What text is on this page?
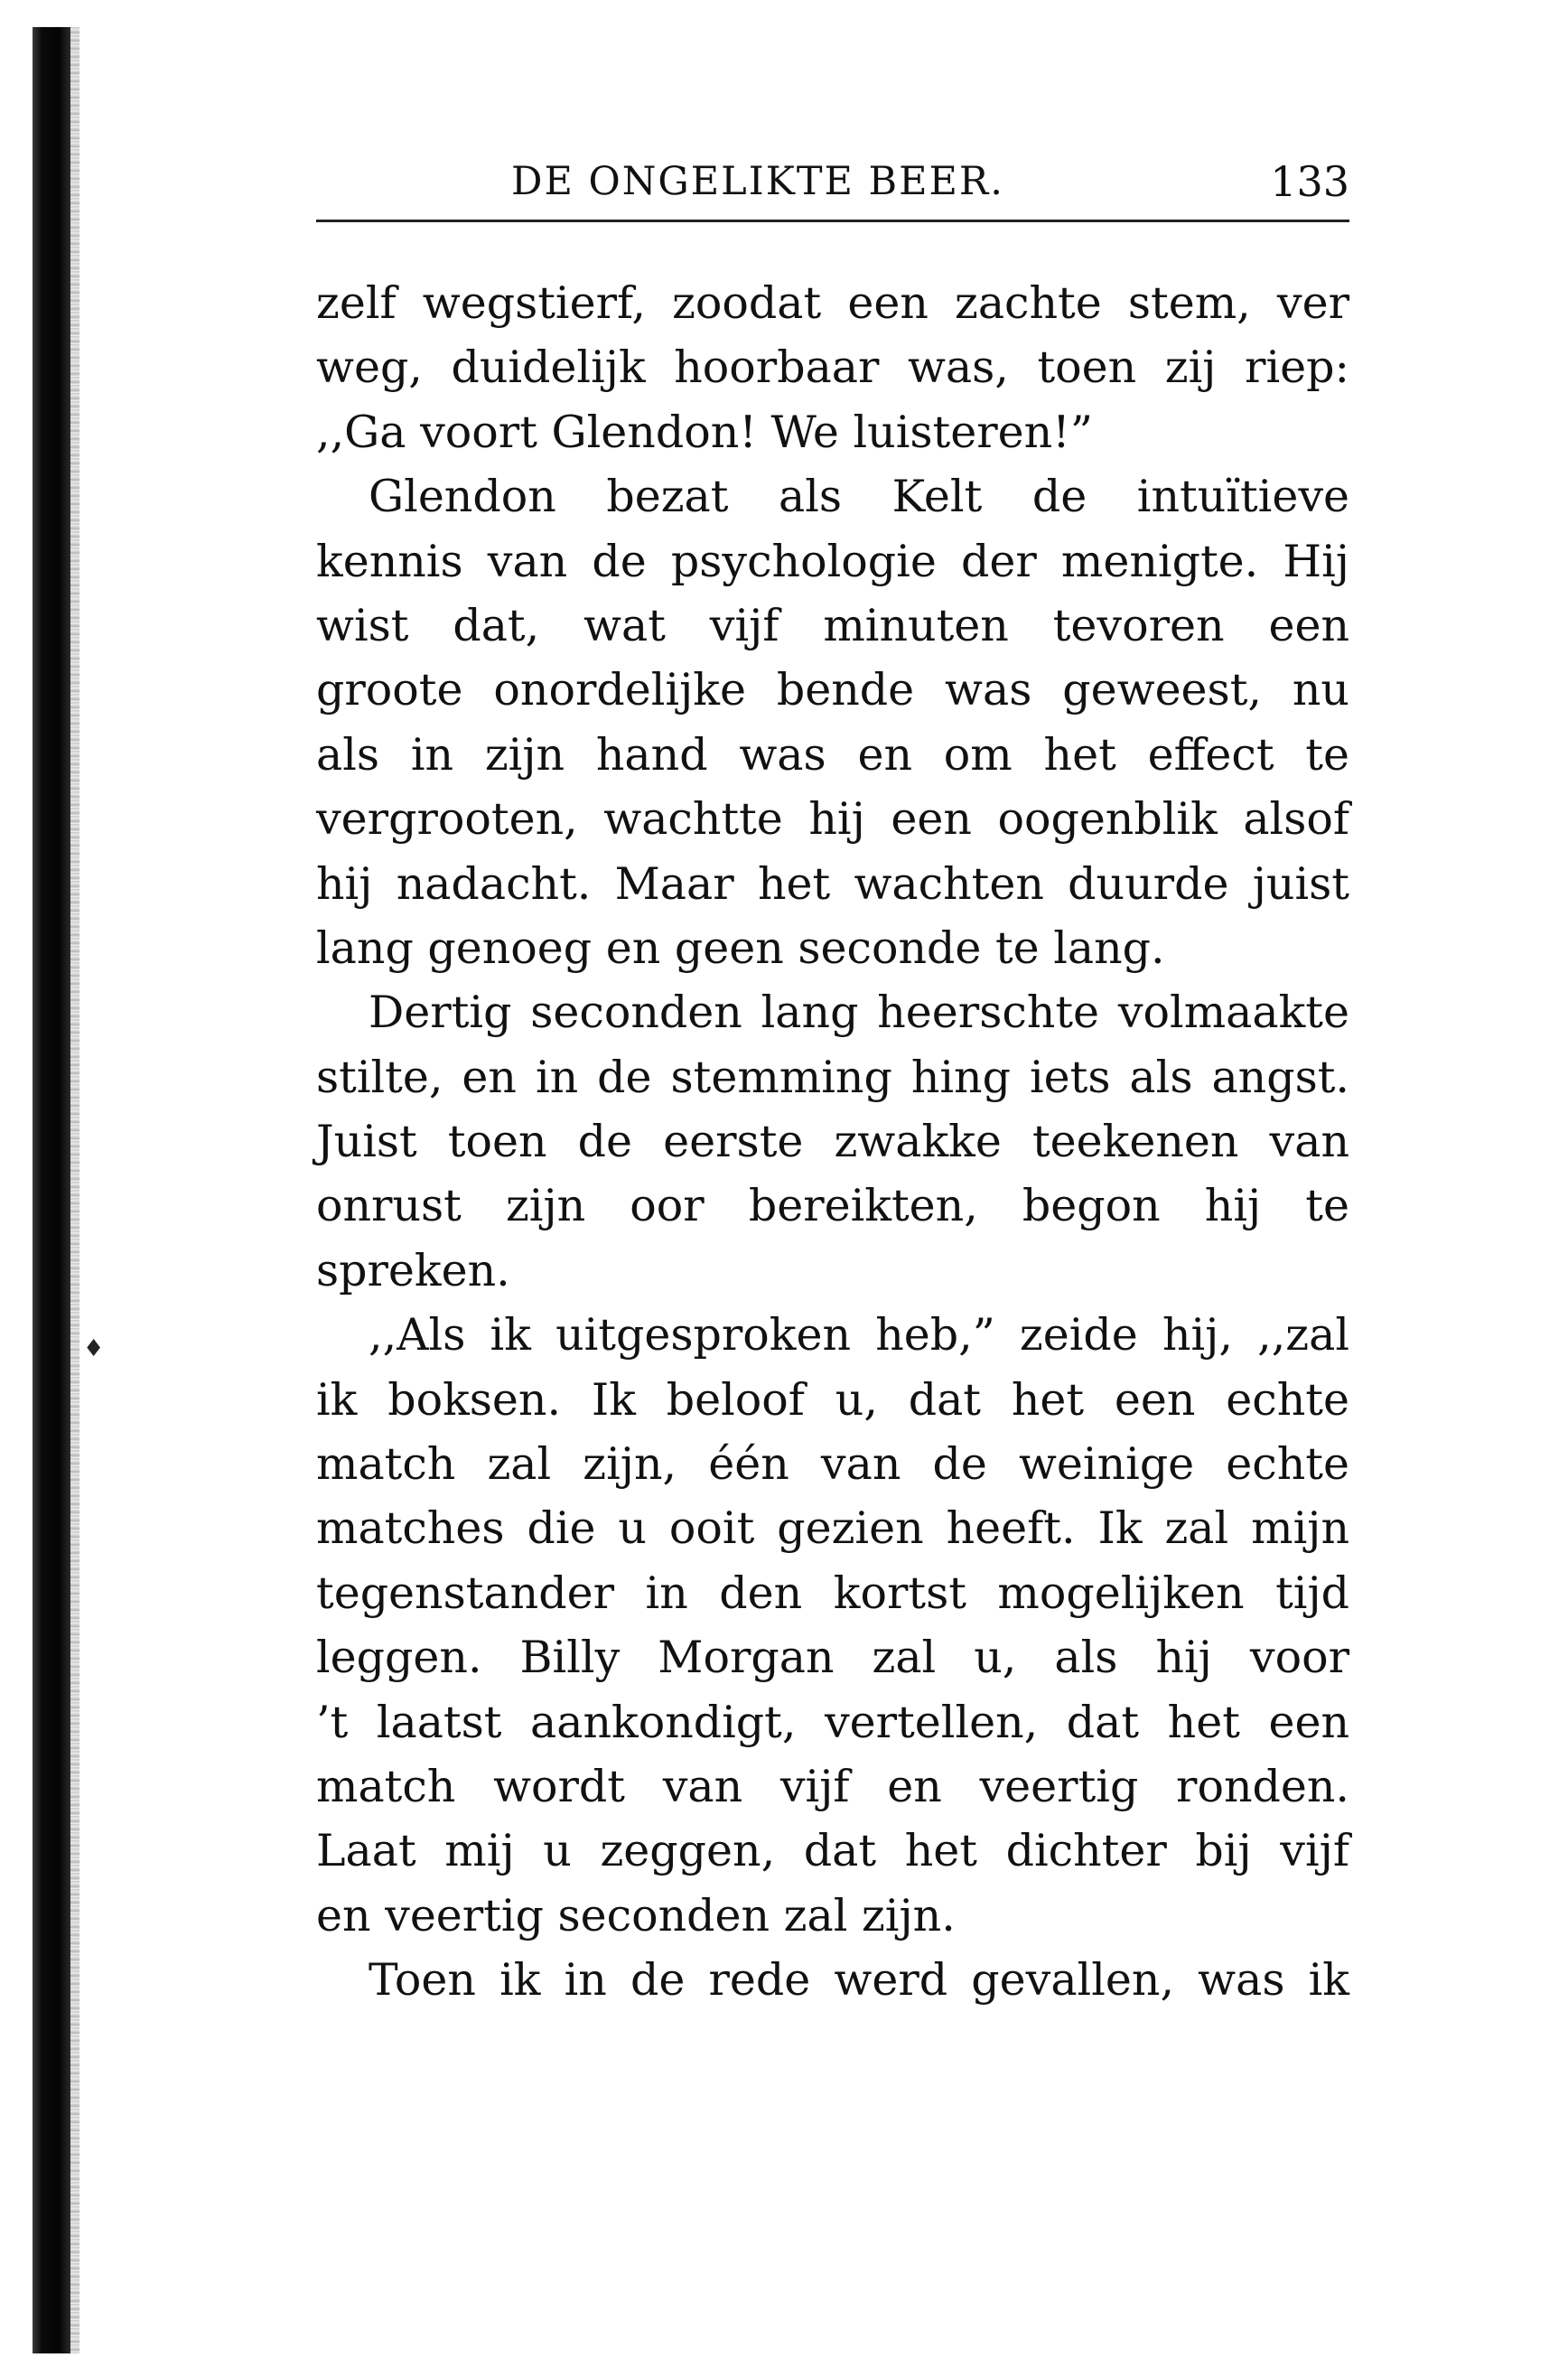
♦
DE ONGELIKTE BEER.	133
zelf wegstierf, zoodat een zachte stem, ver
weg, duidelijk hoorbaar was, toen zij riep:
,,Ga voort Glendon! We luisteren!”
Glendon bezat als Kelt de intuïtieve
kennis van de psychologie der menigte. Hij
wist dat, wat vijf minuten tevoren een
groote onordelijke bende was geweest, nu
als in zijn hand was en om het effect te
vergrooten, wachtte hij een oogenblik alsof
hij nadacht. Maar het wachten duurde juist
lang genoeg en geen seconde te lang.
Dertig seconden lang heerschte volmaakte
stilte, en in de stemming hing iets als angst.
Juist toen de eerste zwakke teekenen van
onrust zijn oor bereikten, begon hij te
spreken.
,,Als ik uitgesproken heb,” zeide hij, ,,zal
ik boksen. Ik beloof u, dat het een echte
match zal zijn, één van de weinige echte
matches die u ooit gezien heeft. Ik zal mijn
tegenstander in den kortst mogelijken tijd
leggen. Billy Morgan zal u, als hij voor
’t laatst aankondigt, vertellen, dat het een
match wordt van vijf en veertig ronden.
Laat mij u zeggen, dat het dichter bij vijf
en veertig seconden zal zijn.
Toen ik in de rede werd gevallen, was ik
